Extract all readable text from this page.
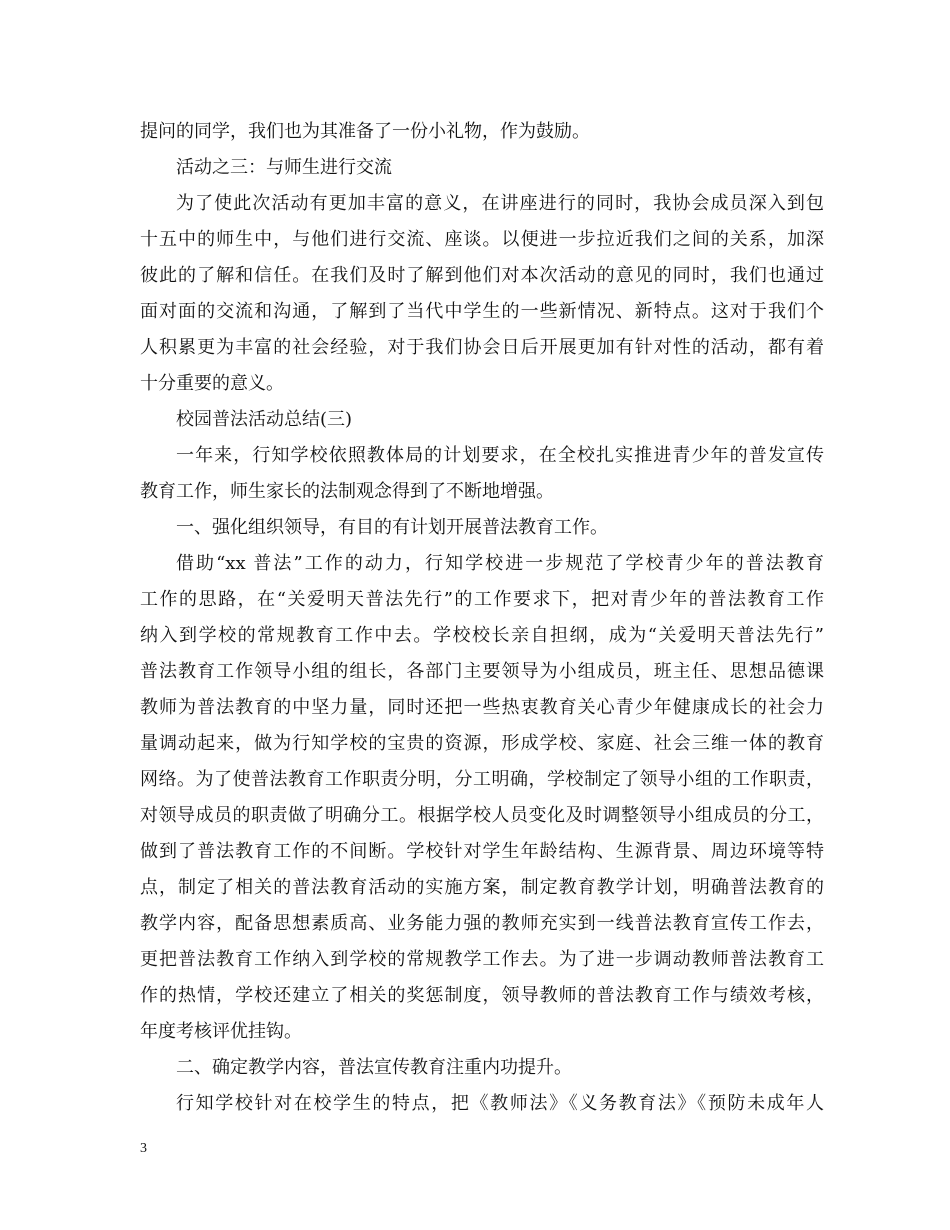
提问的同学，我们也为其准备了一份小礼物，作为鼓励。
活动之三：与师生进行交流
为了使此次活动有更加丰富的意义，在讲座进行的同时，我协会成员深入到包
十五中的师生中，与他们进行交流、座谈。以便进一步拉近我们之间的关系，加深
彼此的了解和信任。在我们及时了解到他们对本次活动的意见的同时，我们也通过
面对面的交流和沟通，了解到了当代中学生的一些新情况、新特点。这对于我们个
人积累更为丰富的社会经验，对于我们协会日后开展更加有针对性的活动，都有着
十分重要的意义。
校园普法活动总结(三)
一年来，行知学校依照教体局的计划要求，在全校扎实推进青少年的普发宣传
教育工作，师生家长的法制观念得到了不断地增强。
一、强化组织领导，有目的有计划开展普法教育工作。
借助“xx 普法”工作的动力，行知学校进一步规范了学校青少年的普法教育
工作的思路，在“关爱明天普法先行”的工作要求下，把对青少年的普法教育工作
纳入到学校的常规教育工作中去。学校校长亲自担纲，成为“关爱明天普法先行”
普法教育工作领导小组的组长，各部门主要领导为小组成员，班主任、思想品德课
教师为普法教育的中坚力量，同时还把一些热衷教育关心青少年健康成长的社会力
量调动起来，做为行知学校的宝贵的资源，形成学校、家庭、社会三维一体的教育
网络。为了使普法教育工作职责分明，分工明确，学校制定了领导小组的工作职责，
对领导成员的职责做了明确分工。根据学校人员变化及时调整领导小组成员的分工，
做到了普法教育工作的不间断。学校针对学生年龄结构、生源背景、周边环境等特
点，制定了相关的普法教育活动的实施方案，制定教育教学计划，明确普法教育的
教学内容，配备思想素质高、业务能力强的教师充实到一线普法教育宣传工作去，
更把普法教育工作纳入到学校的常规教学工作去。为了进一步调动教师普法教育工
作的热情，学校还建立了相关的奖惩制度，领导教师的普法教育工作与绩效考核，
年度考核评优挂钩。
二、确定教学内容，普法宣传教育注重内功提升。
行知学校针对在校学生的特点，把《教师法》《义务教育法》《预防未成年人
3
